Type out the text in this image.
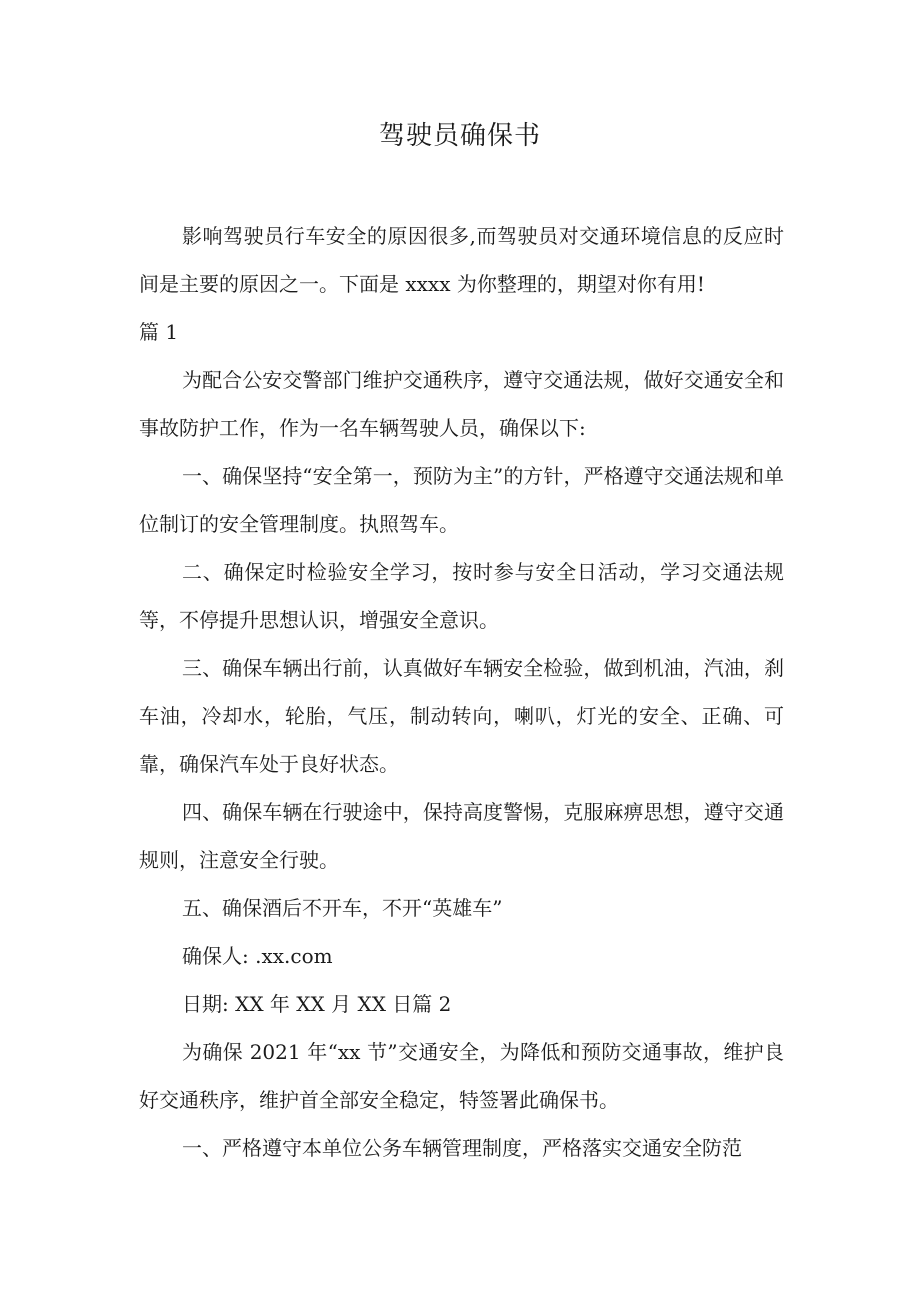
驾驶员确保书

影响驾驶员行车安全的原因很多,而驾驶员对交通环境信息的反应时间是主要的原因之一。下面是 xxxx 为你整理的，期望对你有用!

篇 1

为配合公安交警部门维护交通秩序，遵守交通法规，做好交通安全和事故防护工作，作为一名车辆驾驶人员，确保以下:

一、确保坚持“安全第一，预防为主”的方针，严格遵守交通法规和单位制订的安全管理制度。执照驾车。

二、确保定时检验安全学习，按时参与安全日活动，学习交通法规等，不停提升思想认识，增强安全意识。

三、确保车辆出行前，认真做好车辆安全检验，做到机油，汽油，刹车油，冷却水，轮胎，气压，制动转向，喇叭，灯光的安全、正确、可靠，确保汽车处于良好状态。

四、确保车辆在行驶途中，保持高度警惕，克服麻痹思想，遵守交通规则，注意安全行驶。

五、确保酒后不开车，不开“英雄车”

确保人: .xx.com

日期: XX 年 XX 月 XX 日篇 2

为确保 2021 年“xx 节”交通安全，为降低和预防交通事故，维护良好交通秩序，维护首全部安全稳定，特签署此确保书。

一、严格遵守本单位公务车辆管理制度，严格落实交通安全防范
